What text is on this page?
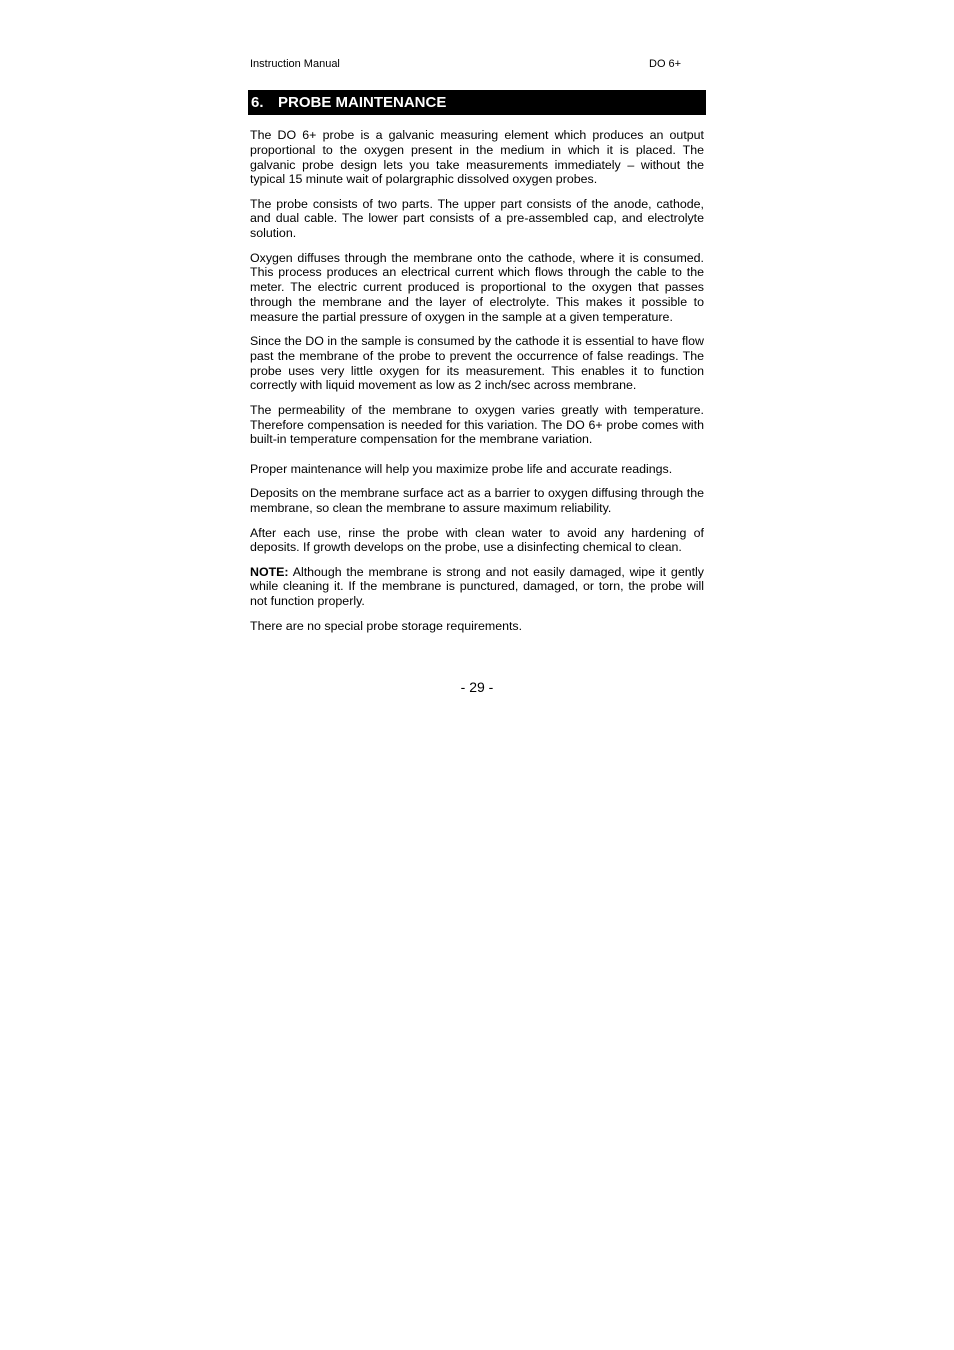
Instruction Manual	DO 6+
6. PROBE MAINTENANCE

The DO 6+ probe is a galvanic measuring element which produces an output proportional to the oxygen present in the medium in which it is placed. The galvanic probe design lets you take measurements immediately – without the typical 15 minute wait of polargraphic dissolved oxygen probes.

The probe consists of two parts. The upper part consists of the anode, cathode, and dual cable. The lower part consists of a pre-assembled cap, and electrolyte solution.

Oxygen diffuses through the membrane onto the cathode, where it is consumed. This process produces an electrical current which flows through the cable to the meter. The electric current produced is proportional to the oxygen that passes through the membrane and the layer of electrolyte. This makes it possible to measure the partial pressure of oxygen in the sample at a given temperature.

Since the DO in the sample is consumed by the cathode it is essential to have flow past the membrane of the probe to prevent the occurrence of false readings. The probe uses very little oxygen for its measurement. This enables it to function correctly with liquid movement as low as 2 inch/sec across membrane.

The permeability of the membrane to oxygen varies greatly with temperature. Therefore compensation is needed for this variation. The DO 6+ probe comes with built-in temperature compensation for the membrane variation.

Proper maintenance will help you maximize probe life and accurate readings.

Deposits on the membrane surface act as a barrier to oxygen diffusing through the membrane, so clean the membrane to assure maximum reliability.

After each use, rinse the probe with clean water to avoid any hardening of deposits. If growth develops on the probe, use a disinfecting chemical to clean.

NOTE: Although the membrane is strong and not easily damaged, wipe it gently while cleaning it. If the membrane is punctured, damaged, or torn, the probe will not function properly.

There are no special probe storage requirements.

- 29 -
